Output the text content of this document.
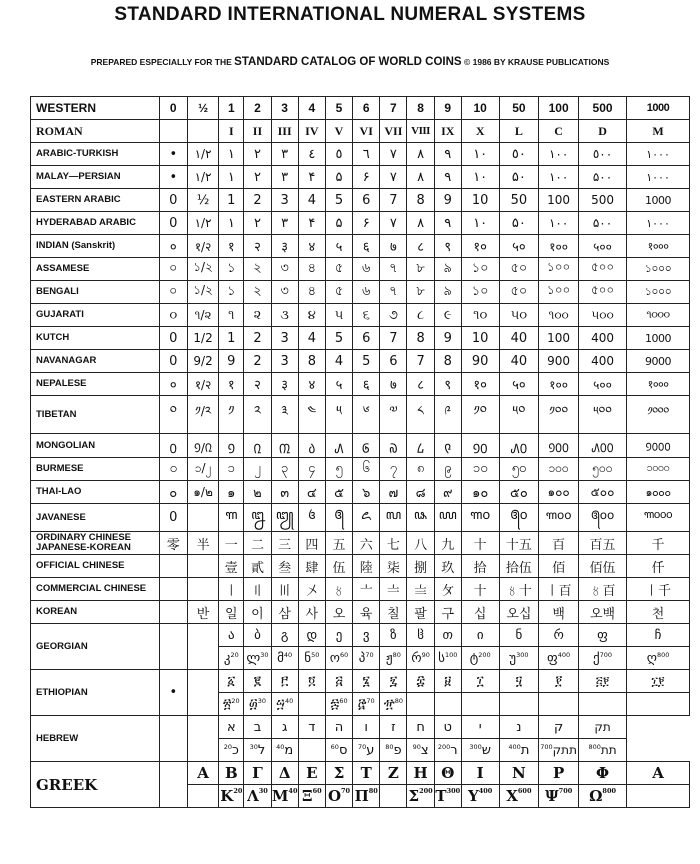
STANDARD INTERNATIONAL NUMERAL SYSTEMS
PREPARED ESPECIALLY FOR THE STANDARD CATALOG OF WORLD COINS © 1986 BY KRAUSE PUBLICATIONS
WESTERN	0	½	1	2	3	4	5	6	7	8	9	10	50	100	500	1000
ROMAN			I	II	III	IV	V	VI	VII	VIII	IX	X	L	C	D	M
ARABIC-TURKISH	•	١/٢	١	٢	٣	٤	٥	٦	٧	٨	٩	١٠	٥٠	١٠٠	٥٠٠	١٠٠٠
MALAY—PERSIAN	•	١/٢	١	٢	٣	۴	۵	۶	٧	٨	٩	١٠	۵٠	١٠٠	۵٠٠	١٠٠٠
EASTERN ARABIC	0	½	1	2	3	4	5	6	7	8	9	10	50	100	500	1000
HYDERABAD ARABIC	0	١/٢	١	٢	٣	۴	۵	۶	٧	٨	٩	١٠	۵٠	١٠٠	۵٠٠	١٠٠٠
INDIAN (Sanskrit)	०	१/२	१	२	३	४	५	६	७	८	९	१०	५०	१००	५००	१०००
ASSAMESE	০	১/২	১	২	৩	৪	৫	৬	৭	৮	৯	১০	৫০	১০০	৫০০	১০০০
BENGALI	০	১/২	১	২	৩	৪	৫	৬	৭	৮	৯	১০	৫০	১০০	৫০০	১০০০
GUJARATI	૦	૧/૨	૧	૨	૩	૪	૫	૬	૭	૮	૯	૧૦	૫૦	૧૦૦	૫૦૦	૧૦૦૦
KUTCH	0	1/2	1	2	3	4	5	6	7	8	9	10	40	100	400	1000
NAVANAGAR	0	9/2	9	2	3	8	4	5	6	7	8	90	40	900	400	9000
NEPALESE	०	१/२	१	२	३	४	५	६	७	८	९	१०	५०	१००	५००	१०००
TIBETAN	༠	༡/༢	༡	༢	༣	༤	༥	༦	༧	༨	༩	༡༠	༥༠	༡༠༠	༥༠༠	༡༠༠༠
MONGOLIAN	᠐	᠑/᠒	᠑	᠒	᠓	᠔	᠕	᠖	᠗	᠘	᠙	᠑᠐	᠕᠐	᠑᠐᠐	᠕᠐᠐	᠑᠐᠐᠐
BURMESE	၀	၁/၂	၁	၂	၃	၄	၅	၆	၇	၈	၉	၁၀	၅၀	၁၀၀	၅၀၀	၁၀၀၀
THAI-LAO	๐	๑/๒	๑	๒	๓	๔	๕	๖	๗	๘	๙	๑๐	๕๐	๑๐๐	๕๐๐	๑๐๐๐
JAVANESE	0		꧑	꧒	꧓	꧔	꧕	꧖	꧗	꧘	꧙	꧑꧐	꧕꧐	꧑꧐꧐	꧕꧐꧐	꧑꧐꧐꧐
ORDINARY CHINESE JAPANESE-KOREAN	零	半	一	二	三	四	五	六	七	八	九	十	十五	百	百五	千
OFFICIAL CHINESE			壹	貳	叁	肆	伍	陸	柒	捌	玖	拾	拾伍	佰	佰伍	仟
COMMERCIAL CHINESE			〡	〢	〣	〤	〥	〦	〧	〨	〩	十	〥十	〡百	〥百	〡千
KOREAN		반	일	이	삼	사	오	육	칠	팔	구	십	오십	백	오백	천
GEORGIAN			ა	ბ	გ	დ	ე	ვ	ზ	ჱ	თ	ი	ნ	რ	ფ	ჩ
			კ$^{20}$	ლ$^{30}$	მ$^{40}$	ნ$^{50}$	ო$^{60}$	პ$^{70}$	ჟ$^{80}$	რ$^{90}$	ს$^{100}$	ტ$^{200}$	უ$^{300}$	ფ$^{400}$	ქ$^{700}$	ღ$^{800}$
ETHIOPIAN	•		፩	፪	፫	፬	፭	፮	፯	፰	፱	፲	፶	፻	፭፻	፲፻
			፳$^{20}$	፴$^{30}$	፵$^{40}$		፷$^{60}$	፸$^{70}$	፹$^{80}$							
HEBREW			א	ב	ג	ד	ה	ו	ז	ח	ט	י	נ	ק	תק	
			כ$^{20}$	ל$^{30}$	מ$^{40}$		ס$^{60}$	ע$^{70}$	פ$^{80}$	צ$^{90}$	ר$^{200}$	ש$^{300}$	ת$^{400}$	תתק$^{700}$	תת$^{800}$
GREEK		Α	Β	Γ	Δ	Ε	Σ	Τ	Ζ	Η	Θ	Ι	Ν	Ρ	Φ	Α
			$K^{20}$	$\Lambda^{30}$	$M^{40}$	$\Xi^{60}$	$O^{70}$	$\Pi^{80}$		$\Sigma^{200}$	$T^{300}$	$\Upsilon^{400}$	$X^{600}$	$\Psi^{700}$	$\Omega^{800}$	
